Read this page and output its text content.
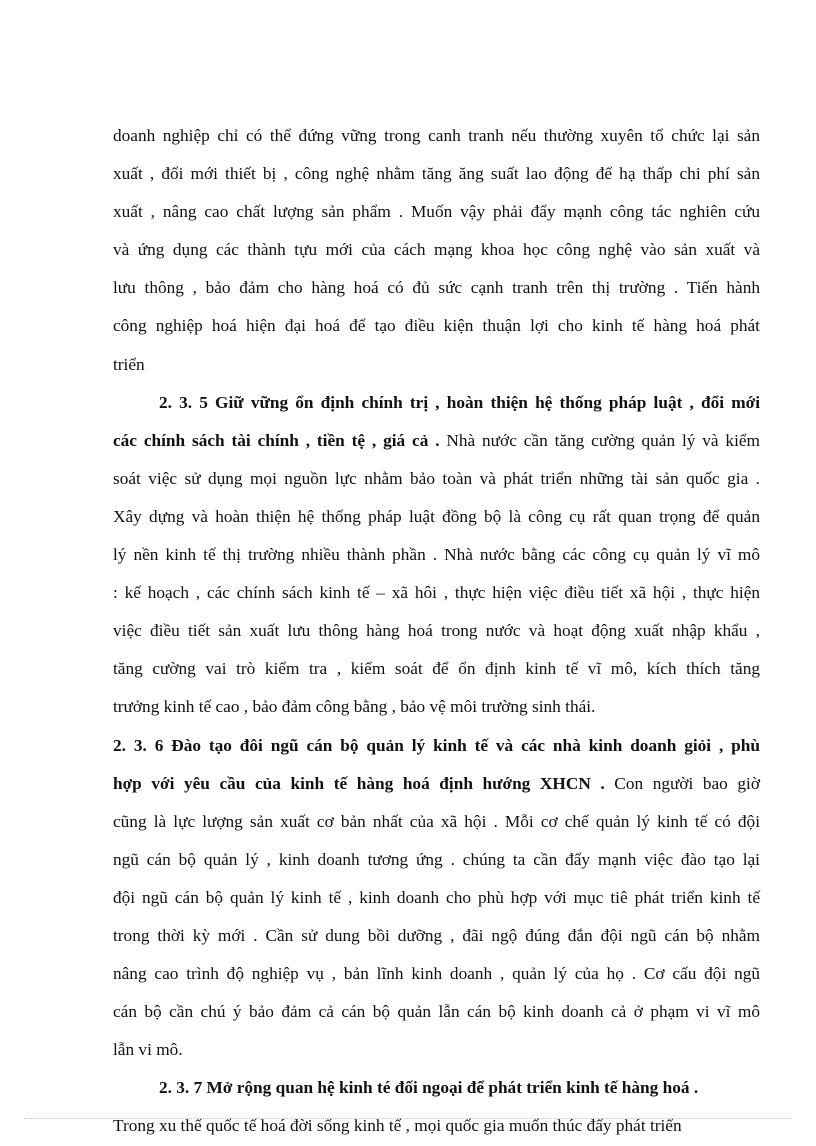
doanh nghiệp chỉ có thể đứng vững trong canh tranh nếu thường xuyên tổ chức lại sản
xuất , đổi mới thiết bị , công nghệ nhằm tăng ăng suất lao động để hạ thấp chi phí sản
xuất , nâng cao chất lượng sản phẩm . Muốn vậy phải đẩy mạnh công tác nghiên cứu
và ứng dụng các thành tựu mới của cách mạng khoa học công nghệ vào sản xuất và
lưu thông , bảo đảm cho hàng hoá có đủ sức cạnh tranh trên thị trường . Tiến hành
công nghiệp hoá hiện đại hoá để tạo điều kiện thuận lợi cho kinh tế hàng hoá phát
triển
2. 3. 5 Giữ vững ổn định chính trị , hoàn thiện hệ thống pháp luật , đổi mới
các chính sách tài chính , tiền tệ , giá cả . Nhà nước cần tăng cường quản lý và kiểm
soát việc sử dụng mọi nguồn lực nhằm bảo toàn và phát triển những tài sản quốc gia .
Xây dựng và hoàn thiện hệ thống pháp luật đồng bộ là công cụ rất quan trọng để quản
lý nền kinh tế thị trường nhiều thành phần . Nhà nước bằng các công cụ quản lý vĩ mô
: kế hoạch , các chính sách kinh tế – xã hôi , thực hiện việc điều tiết xã hội , thực hiện
việc điều tiết sản xuất lưu thông hàng hoá trong nước và hoạt động xuất nhập khẩu ,
tăng cường vai trò kiểm tra , kiểm soát để ổn định kinh tế vĩ mô, kích thích tăng
trưởng kinh tế cao , bảo đảm công bằng , bảo vệ môi trường sinh thái.
2. 3. 6 Đào tạo đôi ngũ cán bộ quản lý kinh tế và các nhà kinh doanh giỏi , phù
hợp với yêu cầu của kinh tế hàng hoá định hướng XHCN . Con người bao giờ
cũng là lực lượng sản xuất cơ bản nhất của xã hội . Mỗi cơ chế quản lý kinh tế có đội
ngũ cán bộ quản lý , kinh doanh tương ứng . chúng ta cần đẩy mạnh việc đào tạo lại
đội ngũ cán bộ quản lý kinh tế , kinh doanh cho phù hợp với mục tiê phát triển kinh tế
trong thời kỳ mới . Cần sử dung bồi dưỡng , đãi ngộ đúng đắn đội ngũ cán bộ nhằm
nâng cao trình độ nghiệp vụ , bản lĩnh kinh doanh , quản lý của họ . Cơ cấu đội ngũ
cán bộ cần chú ý bảo đảm cả cán bộ quản lẫn cán bộ kinh doanh cả ở phạm vi vĩ mô
lẫn vi mô.
2. 3. 7 Mở rộng quan hệ kinh té đối ngoại để phát triển kinh tế hàng hoá .
Trong xu thế quốc tế hoá đời sống kinh tế , mọi quốc gia muốn thúc đẩy phát triển
